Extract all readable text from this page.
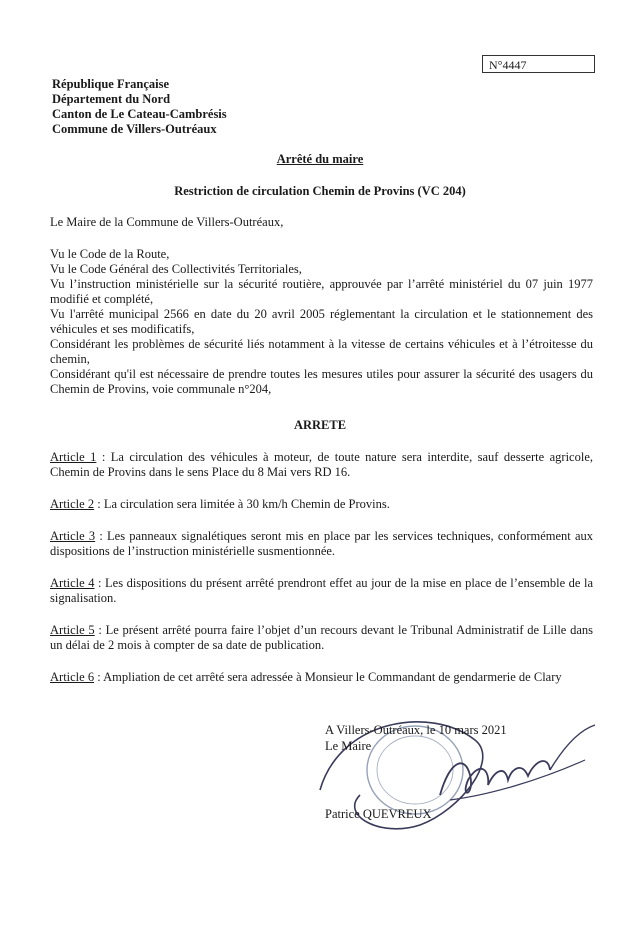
N°4447
République Française
Département du Nord
Canton de Le Cateau-Cambrésis
Commune de Villers-Outréaux
Arrêté du maire
Restriction de circulation Chemin de Provins (VC 204)
Le Maire de la Commune de Villers-Outréaux,

Vu le Code de la Route,

Vu le Code Général des Collectivités Territoriales,

Vu l’instruction ministérielle sur la sécurité routière, approuvée par l’arrêté ministériel du 07 juin 1977 modifié et complété,

Vu l'arrêté municipal 2566 en date du 20 avril 2005 réglementant la circulation et le stationnement des véhicules et ses modificatifs,

Considérant les problèmes de sécurité liés notamment à la vitesse de certains véhicules et à l’étroitesse du chemin,

Considérant qu'il est nécessaire de prendre toutes les mesures utiles pour assurer la sécurité des usagers du Chemin de Provins, voie communale n°204,

ARRETE

Article 1 : La circulation des véhicules à moteur, de toute nature sera interdite, sauf desserte agricole, Chemin de Provins dans le sens Place du 8 Mai vers RD 16.

Article 2 : La circulation sera limitée à 30 km/h Chemin de Provins.

Article 3 : Les panneaux signalétiques seront mis en place par les services techniques, conformément aux dispositions de l’instruction ministérielle susmentionnée.

Article 4 : Les dispositions du présent arrêté prendront effet au jour de la mise en place de l’ensemble de la signalisation.

Article 5 : Le présent arrêté pourra faire l’objet d’un recours devant le Tribunal Administratif de Lille dans un délai de 2 mois à compter de sa date de publication.

Article 6 : Ampliation de cet arrêté sera adressée à Monsieur le Commandant de gendarmerie de Clary

A Villers-Outréaux, le 10 mars 2021
Le Maire
Patrice QUEVREUX
